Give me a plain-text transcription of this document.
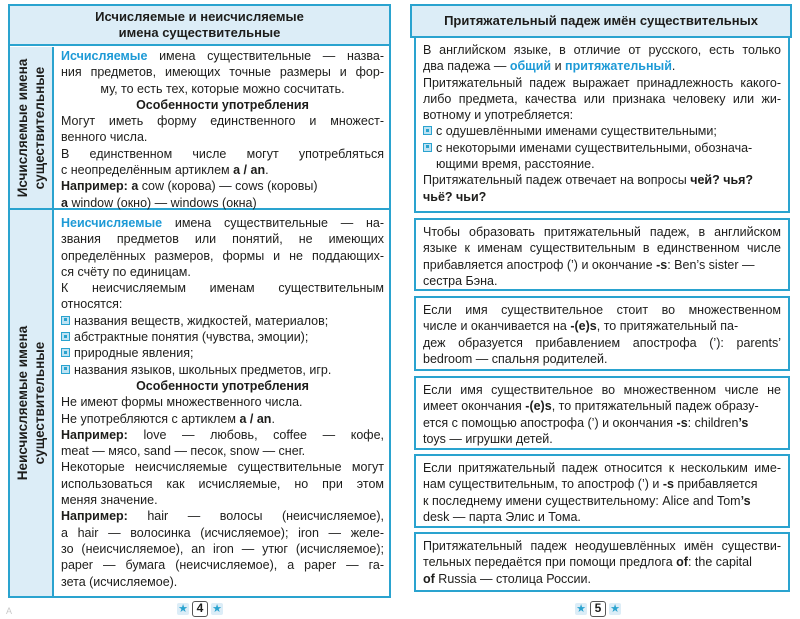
Исчисляемые и неисчисляемые
имена существительные
Исчисляемые имена существительные
Неисчисляемые имена существительные
Исчисляемые имена существительные — назва-
ния предметов, имеющих точные размеры и фор-
му, то есть тех, которые можно сосчитать.
Особенности употребления
Могут иметь форму единственного и множест-
венного числа.
В единственном числе могут употребляться
с неопределённым артиклем a / an.
Например: a cow (корова) — cows (коровы)
a window (окно) — windows (окна)
Неисчисляемые имена существительные — на-
звания предметов или понятий, не имеющих
определённых размеров, формы и не поддающих-
ся счёту по единицам.
К неисчисляемым именам существительным
относятся:
названия веществ, жидкостей, материалов;
абстрактные понятия (чувства, эмоции);
природные явления;
названия языков, школьных предметов, игр.
Особенности употребления
Не имеют формы множественного числа.
Не употребляются с артиклем a / an.
Например: love — любовь, coffee — кофе,
meat — мясо, sand — песок, snow — снег.
Некоторые неисчисляемые существительные могут
использоваться как исчисляемые, но при этом
меняя значение.
Например: hair — волосы (неисчисляемое),
a hair — волосинка (исчисляемое); iron — желе-
зо (неисчисляемое), an iron — утюг (исчисляемое);
paper — бумага (неисчисляемое), a paper — га-
зета (исчисляемое).
★ 4 ★
А
Притяжательный падеж имён существительных
В английском языке, в отличие от русского, есть только
два падежа — общий и притяжательный.
Притяжательный падеж выражает принадлежность какого-
либо предмета, качества или признака человеку или жи-
вотному и употребляется:
с одушевлёнными именами существительными;
с некоторыми именами существительными, обознача-
ющими время, расстояние.
Притяжательный падеж отвечает на вопросы чей? чья?
чьё? чьи?
Чтобы образовать притяжательный падеж, в английском
языке к именам существительным в единственном числе
прибавляется апостроф (’) и окончание -s: Ben’s sister —
сестра Бэна.
Если имя существительное стоит во множественном
числе и оканчивается на -(e)s, то притяжательный па-
деж образуется прибавлением апострофа (’): parents’
bedroom — спальня родителей.
Если имя существительное во множественном числе не
имеет окончания -(e)s, то притяжательный падеж образу-
ется с помощью апострофа (’) и окончания -s: children’s
toys — игрушки детей.
Если притяжательный падеж относится к нескольким име-
нам существительным, то апостроф (’) и -s прибавляется
к последнему имени существительному: Alice and Tom’s
desk — парта Элис и Тома.
Притяжательный падеж неодушевлённых имён существи-
тельных передаётся при помощи предлога of: the capital
of Russia — столица России.
★ 5 ★
